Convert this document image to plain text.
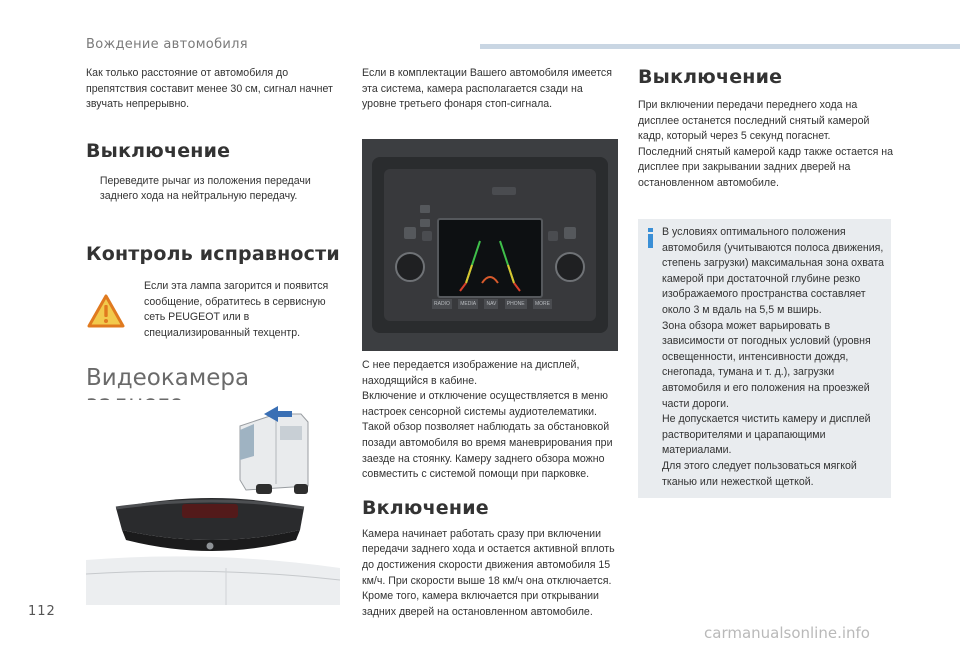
Вождение автомобиля

Как только расстояние от автомобиля до препятствия составит менее 30 см, сигнал начнет звучать непрерывно.

Выключение

Переведите рычаг из положения передачи заднего хода на нейтральную передачу.

Контроль исправности

Если эта лампа загорится и появится сообщение, обратитесь в сервисную сеть PEUGEOT или в специализированный техцентр.

Видеокамера

Если в комплектации Вашего автомобиля имеется эта система, камера располагается сзади на уровне третьего фонаря стоп-сигнала.

RADIO	MEDIA	NAV	PHONE	MORE

С нее передается изображение на дисплей, находящийся в кабине.
Включение и отключение осуществляется в меню настроек сенсорной системы аудиотелематики.
Такой обзор позволяет наблюдать за обстановкой позади автомобиля во время маневрирования при заезде на стоянку. Камеру заднего обзора можно совместить с системой помощи при парковке.

Включение

Камера начинает работать сразу при включении передачи заднего хода и остается активной вплоть до достижения скорости движения автомобиля 15 км/ч. При скорости выше 18 км/ч она отключается.
Кроме того, камера включается при открывании задних дверей на остановленном автомобиле.

Выключение

При включении передачи переднего хода на дисплее останется последний снятый камерой кадр, который через 5 секунд погаснет.
Последний снятый камерой кадр также остается на дисплее при закрывании задних дверей на остановленном автомобиле.

В условиях оптимального положения автомобиля (учитываются полоса движения, степень загрузки) максимальная зона охвата камерой при достаточной глубине резко изображаемого пространства составляет около 3 м вдаль на 5,5 м вширь.
Зона обзора может варьировать в зависимости от погодных условий (уровня освещенности, интенсивности дождя, снегопада, тумана и т. д.), загрузки автомобиля и его положения на проезжей части дороги.
Не допускается чистить камеру и дисплей растворителями и царапающими материалами.
Для этого следует пользоваться мягкой тканью или нежесткой щеткой.

112
carmanualsonline.info
